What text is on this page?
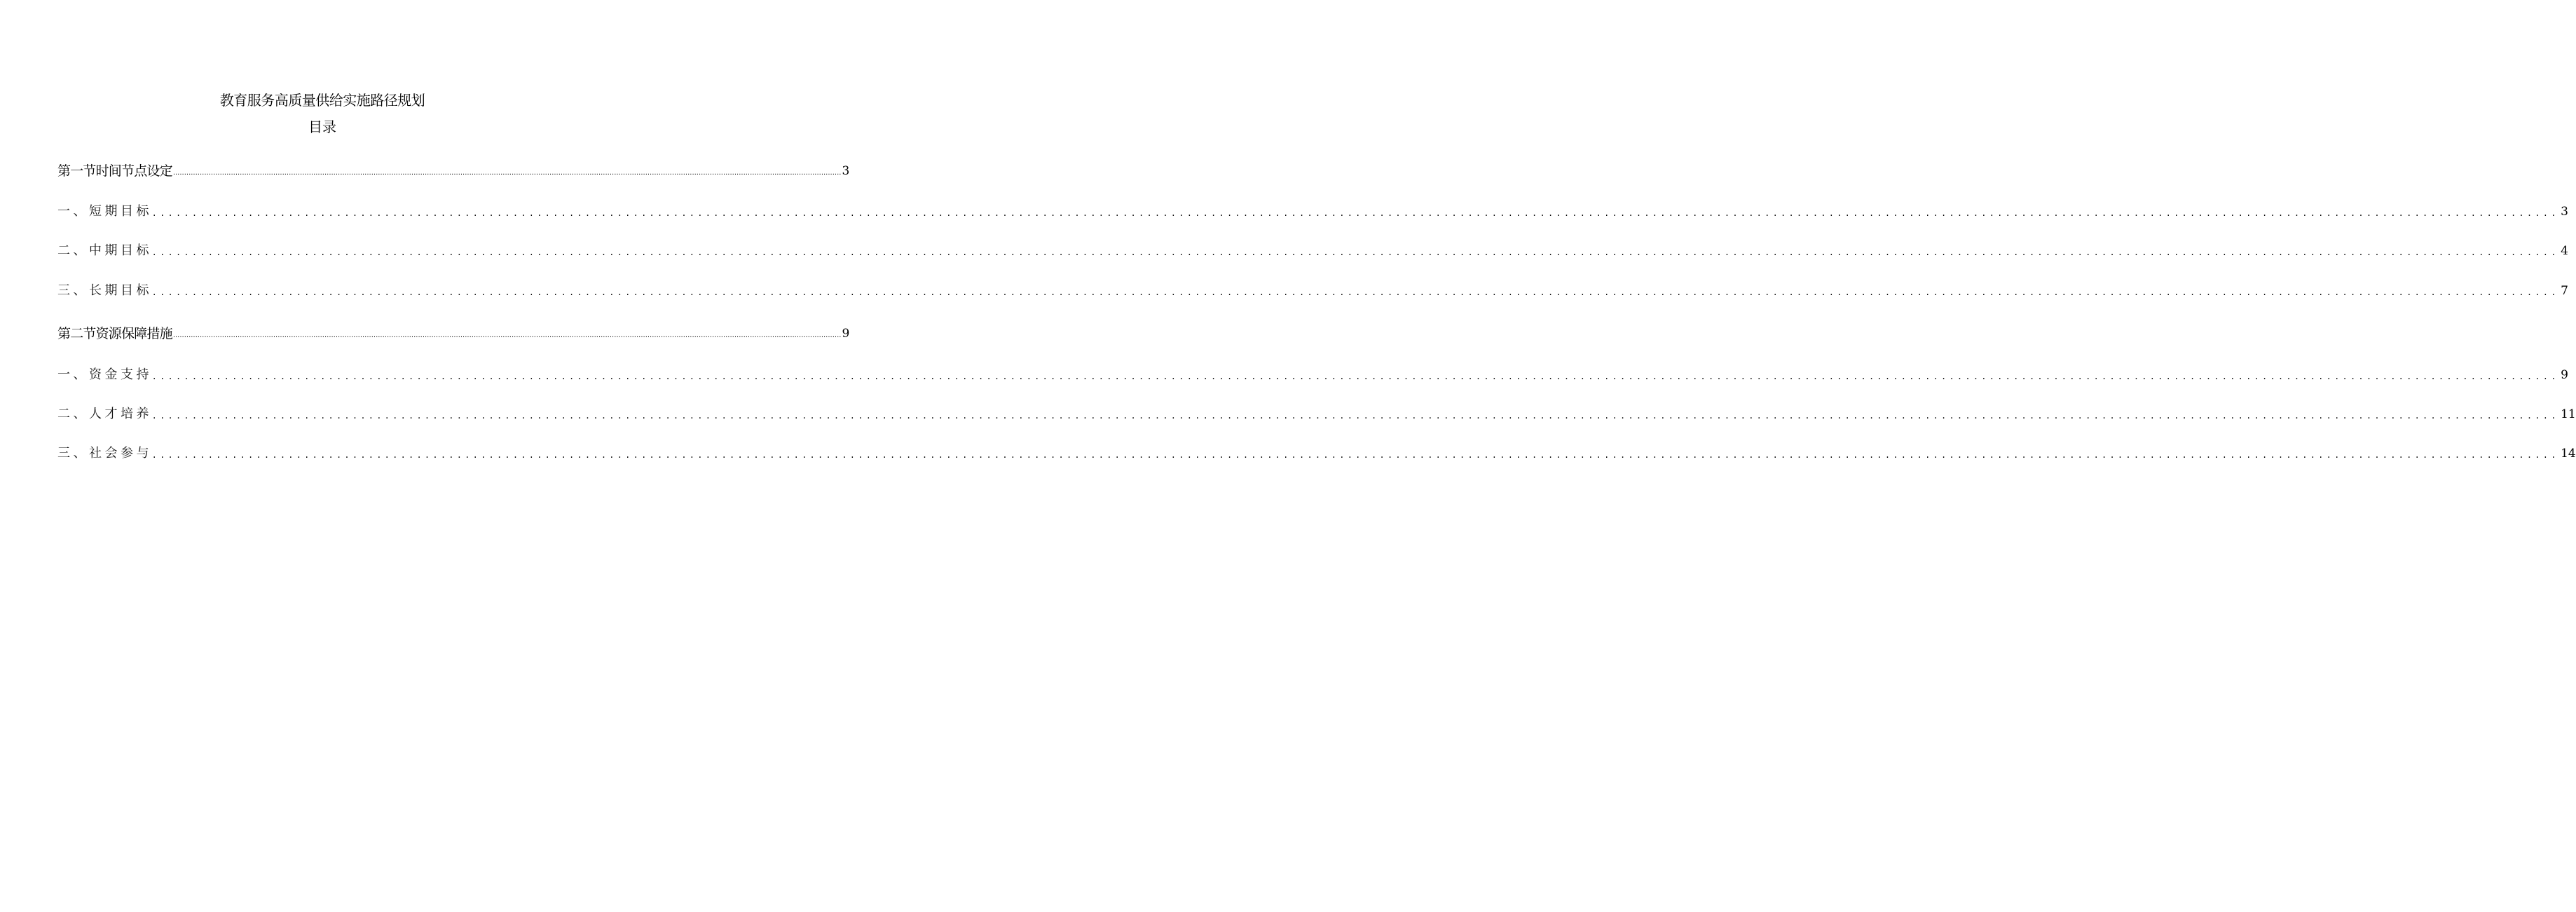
教育服务高质量供给实施路径规划
目录
第一节时间节点设定 ............................................................................................................................................................................................................................................................................................................ 3
一、短期目标 ............................................................................................................................................................................................................................................................................................................ 3
二、中期目标 ............................................................................................................................................................................................................................................................................................................ 4
三、长期目标 ............................................................................................................................................................................................................................................................................................................ 7
第二节资源保障措施 ............................................................................................................................................................................................................................................................................................................ 9
一、资金支持 ............................................................................................................................................................................................................................................................................................................ 9
二、人才培养 ............................................................................................................................................................................................................................................................................................................ 11
三、社会参与 ............................................................................................................................................................................................................................................................................................................ 14
